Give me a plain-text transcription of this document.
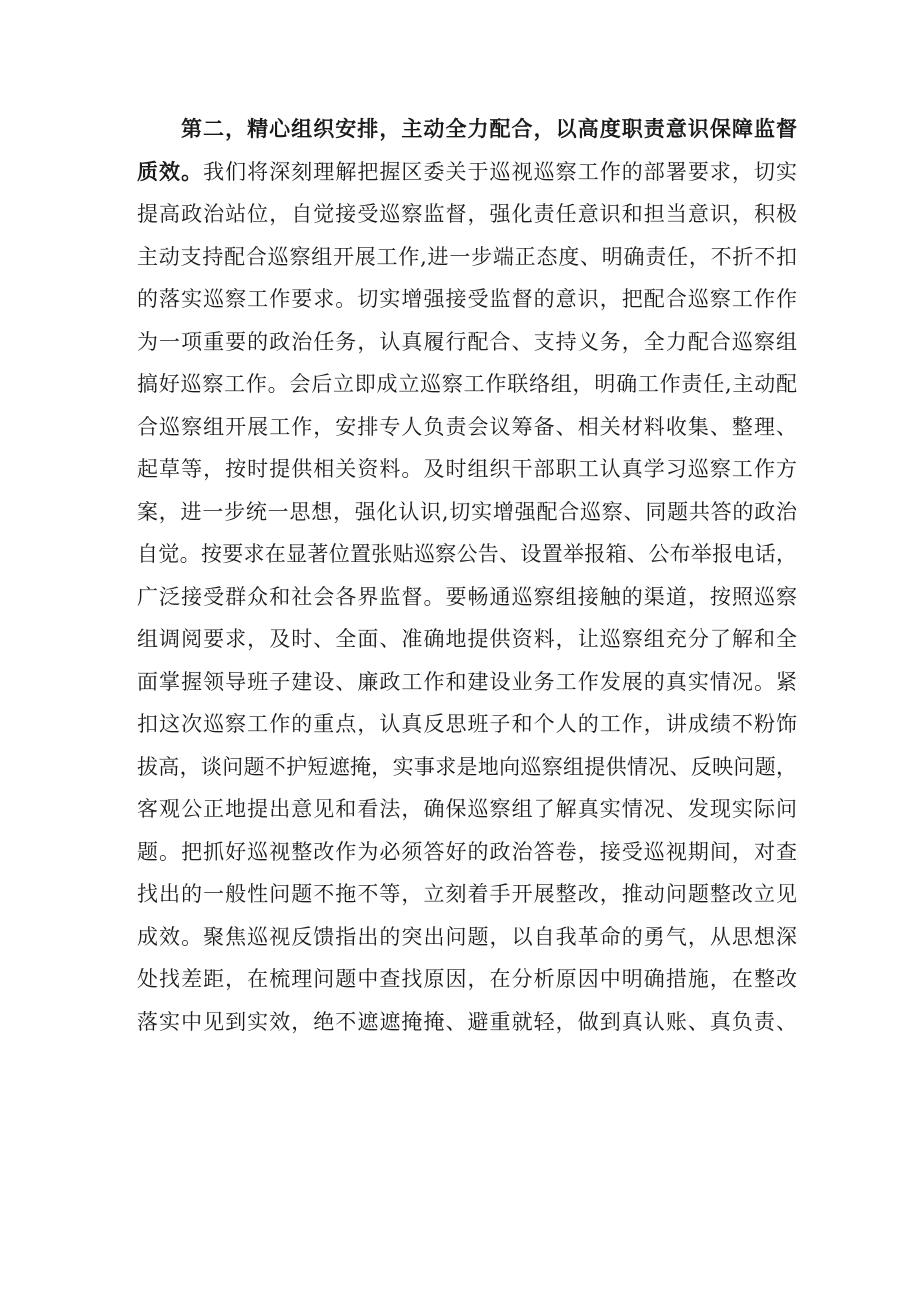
第二，精心组织安排，主动全力配合，以高度职责意识保障监督
质效。我们将深刻理解把握区委关于巡视巡察工作的部署要求，切实
提高政治站位，自觉接受巡察监督，强化责任意识和担当意识，积极
主动支持配合巡察组开展工作,进一步端正态度、明确责任，不折不扣
的落实巡察工作要求。切实增强接受监督的意识，把配合巡察工作作
为一项重要的政治任务，认真履行配合、支持义务，全力配合巡察组
搞好巡察工作。会后立即成立巡察工作联络组，明确工作责任,主动配
合巡察组开展工作，安排专人负责会议筹备、相关材料收集、整理、
起草等，按时提供相关资料。及时组织干部职工认真学习巡察工作方
案，进一步统一思想，强化认识,切实增强配合巡察、同题共答的政治
自觉。按要求在显著位置张贴巡察公告、设置举报箱、公布举报电话，
广泛接受群众和社会各界监督。要畅通巡察组接触的渠道，按照巡察
组调阅要求，及时、全面、准确地提供资料，让巡察组充分了解和全
面掌握领导班子建设、廉政工作和建设业务工作发展的真实情况。紧
扣这次巡察工作的重点，认真反思班子和个人的工作，讲成绩不粉饰
拔高，谈问题不护短遮掩，实事求是地向巡察组提供情况、反映问题，
客观公正地提出意见和看法，确保巡察组了解真实情况、发现实际问
题。把抓好巡视整改作为必须答好的政治答卷，接受巡视期间，对查
找出的一般性问题不拖不等，立刻着手开展整改，推动问题整改立见
成效。聚焦巡视反馈指出的突出问题，以自我革命的勇气，从思想深
处找差距，在梳理问题中查找原因，在分析原因中明确措施，在整改
落实中见到实效，绝不遮遮掩掩、避重就轻，做到真认账、真负责、
